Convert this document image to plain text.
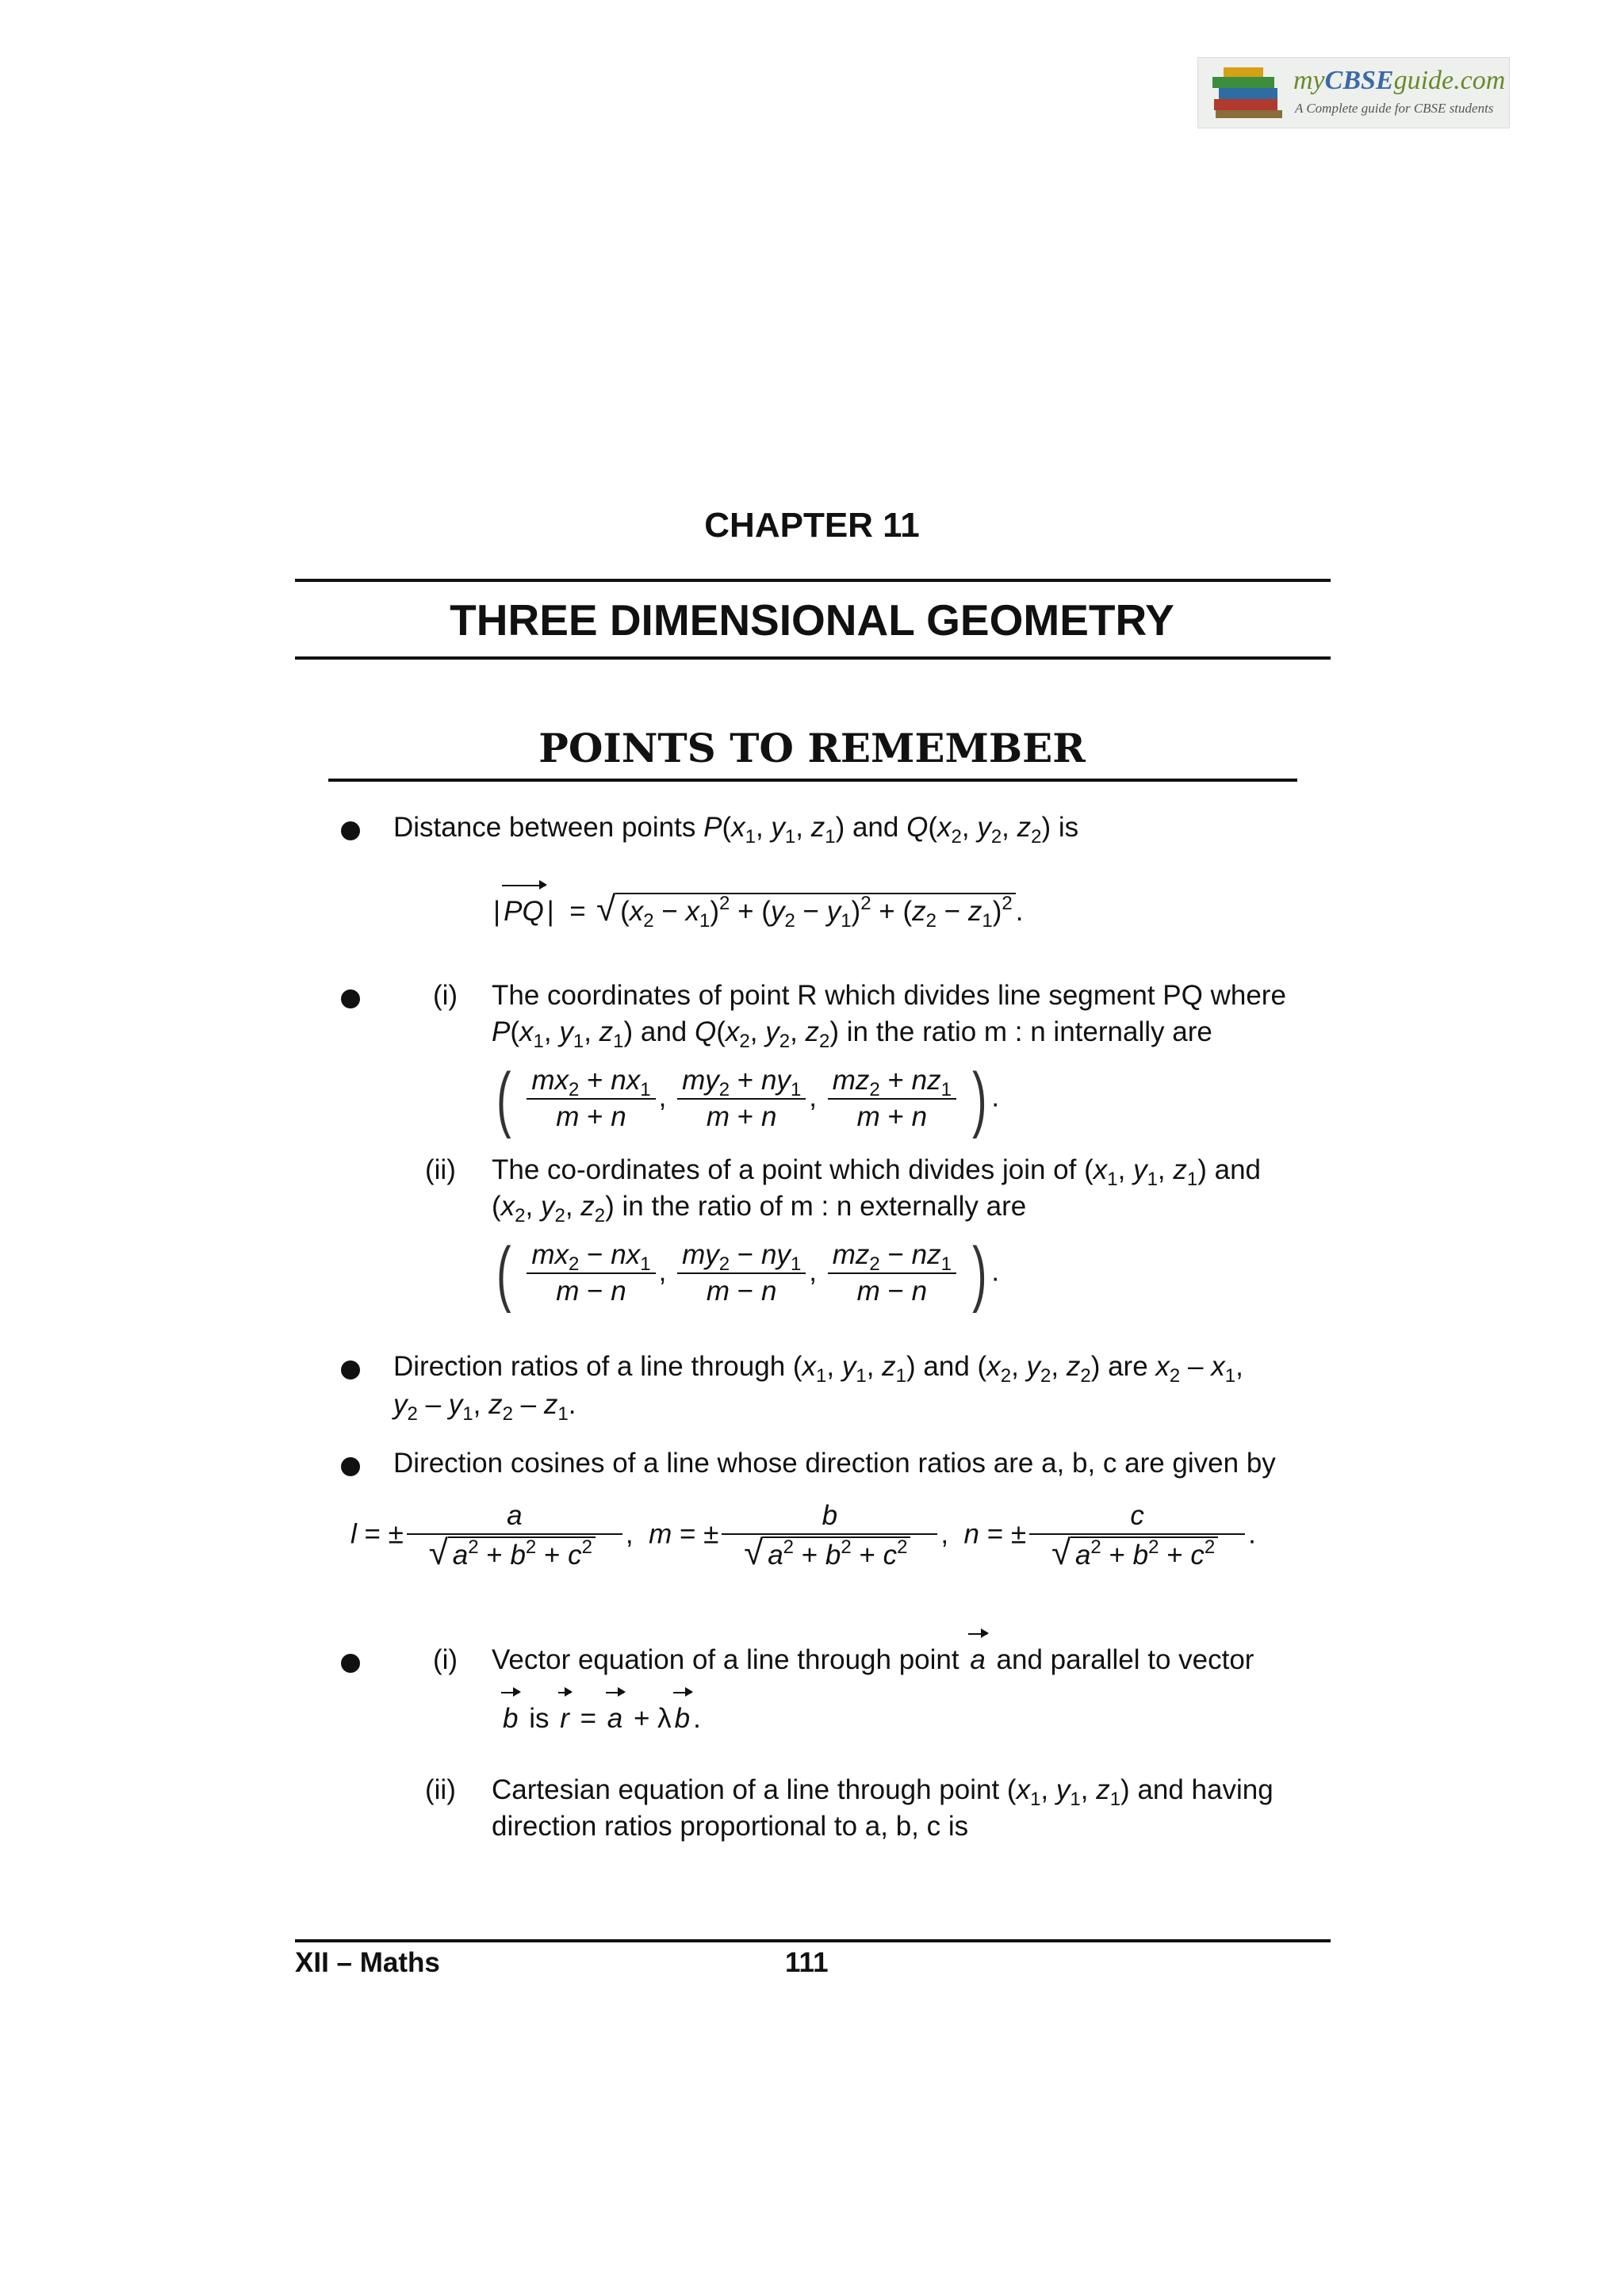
myCBSEguide.com
A Complete guide for CBSE students
CHAPTER 11
THREE DIMENSIONAL GEOMETRY
POINTS TO REMEMBER
Distance between points $P(x_1$, $y_1$, $z_1$) and $Q(x_2$, $y_2$, $z_2$) is
| PQ |  =  √ $(x_2 - x_1)^2 + (y_2 - y_1)^2 + (z_2 - z_1)^2$ .
(i) The coordinates of point R which divides line segment PQ where
$P(x_1$, $y_1$, $z_1$) and $Q(x_2$, $y_2$, $z_2$) in the ratio m : n internally are
( $\frac{mx_2 + nx_1}{m + n}$ , $\frac{my_2 + ny_1}{m + n}$ , $\frac{mz_2 + nz_1}{m + n}$ ) .
(ii) The co-ordinates of a point which divides join of ($x_1$, $y_1$, $z_1$) and
($x_2$, $y_2$, $z_2$) in the ratio of m : n externally are
( $\frac{mx_2 - nx_1}{m - n}$ , $\frac{my_2 - ny_1}{m - n}$ , $\frac{mz_2 - nz_1}{m - n}$ ) .
Direction ratios of a line through ($x_1$, $y_1$, $z_1$) and ($x_2$, $y_2$, $z_2$) are $x_2 - x_1$,
$y_2 - y_1$, $z_2 - z_1$.
Direction cosines of a line whose direction ratios are a, b, c are given by
l = ± a
√ $a^2 + b^2 + c^2$ ,  m = ± b
√ $a^2 + b^2 + c^2$ ,  n = ± c
√ $a^2 + b^2 + c^2$ .
(i) Vector equation of a line through point a and parallel to vector
b is r = a + λ b .
(ii) Cartesian equation of a line through point ($x_1$, $y_1$, $z_1$) and having
direction ratios proportional to a, b, c is
XII – Maths	111
